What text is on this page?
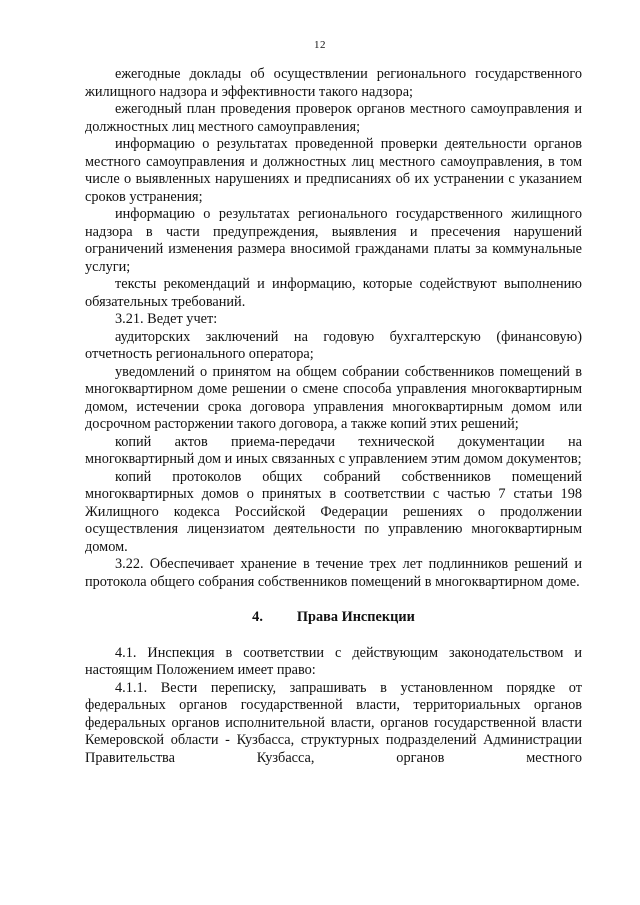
12

ежегодные доклады об осуществлении регионального государственного жилищного надзора и эффективности такого надзора;

ежегодный план проведения проверок органов местного самоуправления и должностных лиц местного самоуправления;

информацию о результатах проведенной проверки деятельности органов местного самоуправления и должностных лиц местного самоуправления, в том числе о выявленных нарушениях и предписаниях об их устранении с указанием сроков устранения;

информацию о результатах регионального государственного жилищного надзора в части предупреждения, выявления и пресечения нарушений ограничений изменения размера вносимой гражданами платы за коммунальные услуги;

тексты рекомендаций и информацию, которые содействуют выполнению обязательных требований.

3.21. Ведет учет:

аудиторских заключений на годовую бухгалтерскую (финансовую) отчетность регионального оператора;

уведомлений о принятом на общем собрании собственников помещений в многоквартирном доме решении о смене способа управления многоквартирным домом, истечении срока договора управления многоквартирным домом или досрочном расторжении такого договора, а также копий этих решений;

копий актов приема-передачи технической документации на многоквартирный дом и иных связанных с управлением этим домом документов;

копий протоколов общих собраний собственников помещений многоквартирных домов о принятых в соответствии с частью 7 статьи 198 Жилищного кодекса Российской Федерации решениях о продолжении осуществления лицензиатом деятельности по управлению многоквартирным домом.

3.22. Обеспечивает хранение в течение трех лет подлинников решений и протокола общего собрания собственников помещений в многоквартирном доме.

4. Права Инспекции

4.1. Инспекция в соответствии с действующим законодательством и настоящим Положением имеет право:

4.1.1. Вести переписку, запрашивать в установленном порядке от федеральных органов государственной власти, территориальных органов федеральных органов исполнительной власти, органов государственной власти Кемеровской области - Кузбасса, структурных подразделений Администрации Правительства Кузбасса, органов местного
